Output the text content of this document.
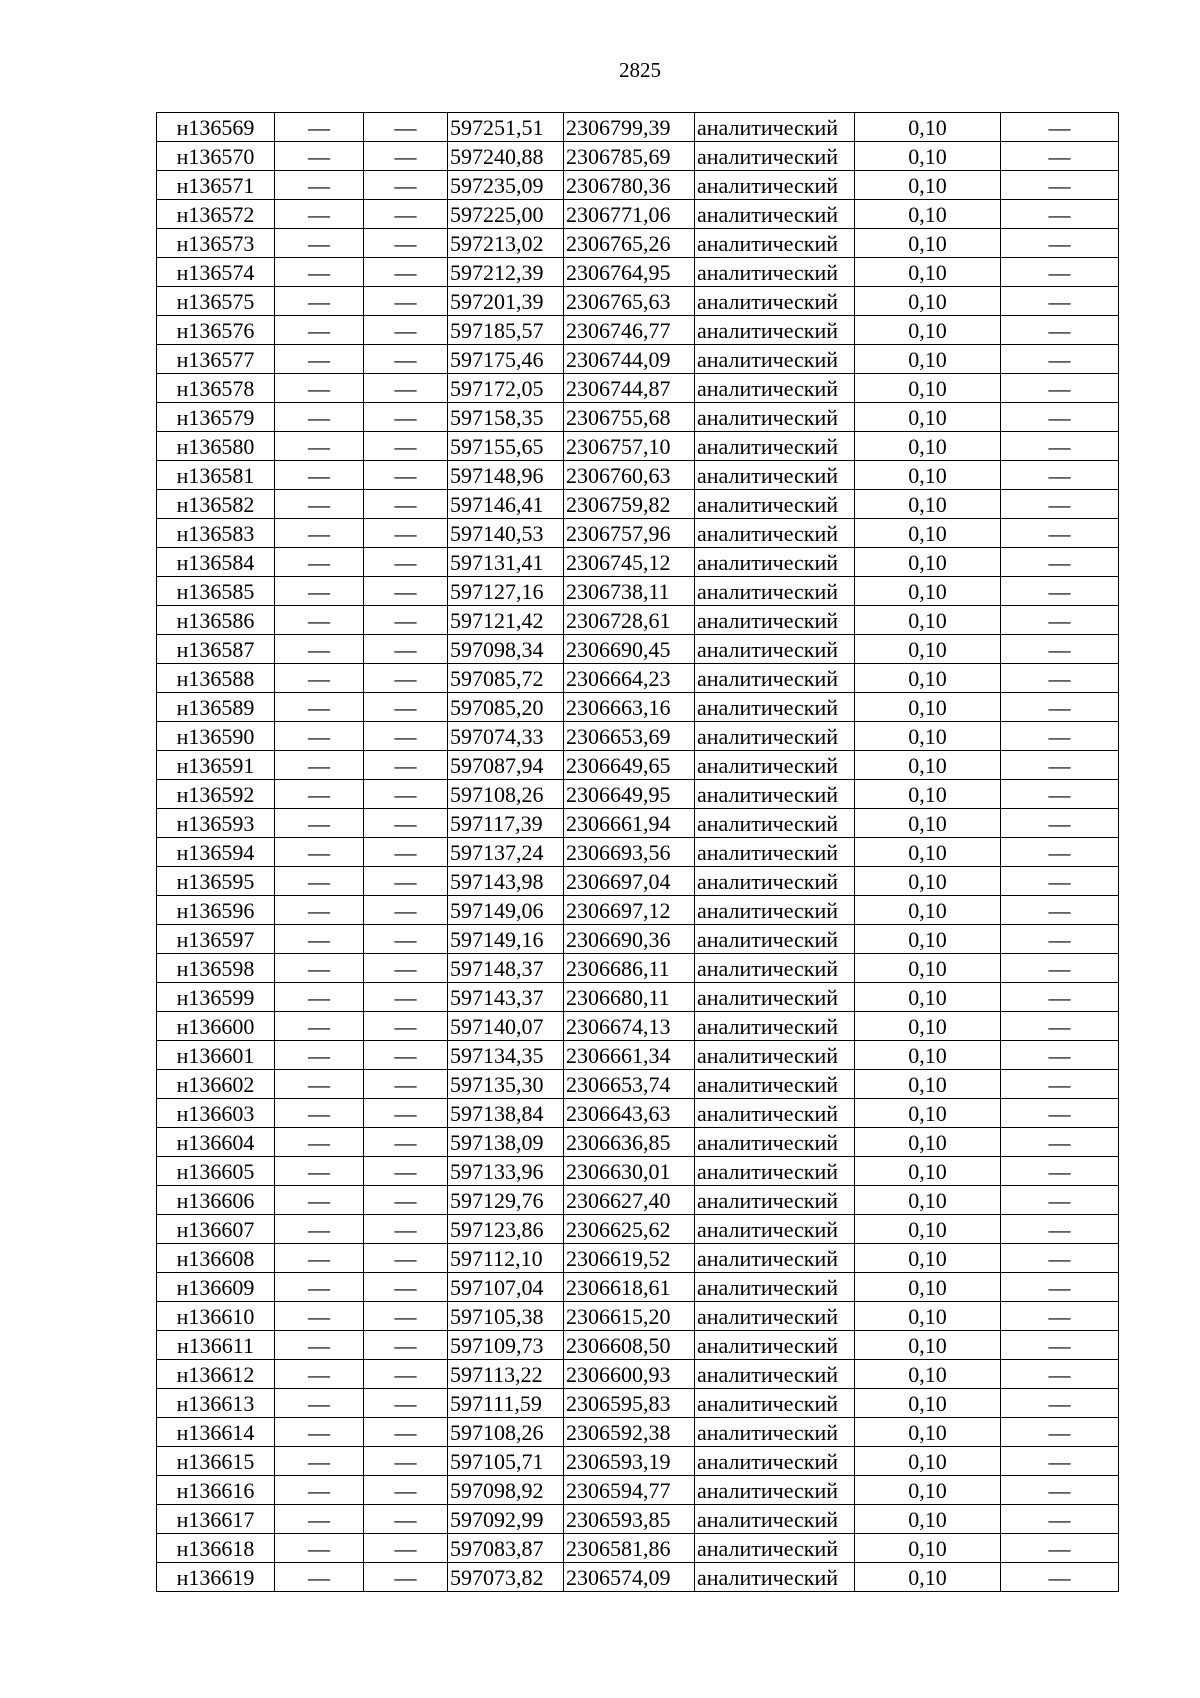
2825
н136569	—	—	597251,51	2306799,39	аналитический	0,10	—
н136570	—	—	597240,88	2306785,69	аналитический	0,10	—
н136571	—	—	597235,09	2306780,36	аналитический	0,10	—
н136572	—	—	597225,00	2306771,06	аналитический	0,10	—
н136573	—	—	597213,02	2306765,26	аналитический	0,10	—
н136574	—	—	597212,39	2306764,95	аналитический	0,10	—
н136575	—	—	597201,39	2306765,63	аналитический	0,10	—
н136576	—	—	597185,57	2306746,77	аналитический	0,10	—
н136577	—	—	597175,46	2306744,09	аналитический	0,10	—
н136578	—	—	597172,05	2306744,87	аналитический	0,10	—
н136579	—	—	597158,35	2306755,68	аналитический	0,10	—
н136580	—	—	597155,65	2306757,10	аналитический	0,10	—
н136581	—	—	597148,96	2306760,63	аналитический	0,10	—
н136582	—	—	597146,41	2306759,82	аналитический	0,10	—
н136583	—	—	597140,53	2306757,96	аналитический	0,10	—
н136584	—	—	597131,41	2306745,12	аналитический	0,10	—
н136585	—	—	597127,16	2306738,11	аналитический	0,10	—
н136586	—	—	597121,42	2306728,61	аналитический	0,10	—
н136587	—	—	597098,34	2306690,45	аналитический	0,10	—
н136588	—	—	597085,72	2306664,23	аналитический	0,10	—
н136589	—	—	597085,20	2306663,16	аналитический	0,10	—
н136590	—	—	597074,33	2306653,69	аналитический	0,10	—
н136591	—	—	597087,94	2306649,65	аналитический	0,10	—
н136592	—	—	597108,26	2306649,95	аналитический	0,10	—
н136593	—	—	597117,39	2306661,94	аналитический	0,10	—
н136594	—	—	597137,24	2306693,56	аналитический	0,10	—
н136595	—	—	597143,98	2306697,04	аналитический	0,10	—
н136596	—	—	597149,06	2306697,12	аналитический	0,10	—
н136597	—	—	597149,16	2306690,36	аналитический	0,10	—
н136598	—	—	597148,37	2306686,11	аналитический	0,10	—
н136599	—	—	597143,37	2306680,11	аналитический	0,10	—
н136600	—	—	597140,07	2306674,13	аналитический	0,10	—
н136601	—	—	597134,35	2306661,34	аналитический	0,10	—
н136602	—	—	597135,30	2306653,74	аналитический	0,10	—
н136603	—	—	597138,84	2306643,63	аналитический	0,10	—
н136604	—	—	597138,09	2306636,85	аналитический	0,10	—
н136605	—	—	597133,96	2306630,01	аналитический	0,10	—
н136606	—	—	597129,76	2306627,40	аналитический	0,10	—
н136607	—	—	597123,86	2306625,62	аналитический	0,10	—
н136608	—	—	597112,10	2306619,52	аналитический	0,10	—
н136609	—	—	597107,04	2306618,61	аналитический	0,10	—
н136610	—	—	597105,38	2306615,20	аналитический	0,10	—
н136611	—	—	597109,73	2306608,50	аналитический	0,10	—
н136612	—	—	597113,22	2306600,93	аналитический	0,10	—
н136613	—	—	597111,59	2306595,83	аналитический	0,10	—
н136614	—	—	597108,26	2306592,38	аналитический	0,10	—
н136615	—	—	597105,71	2306593,19	аналитический	0,10	—
н136616	—	—	597098,92	2306594,77	аналитический	0,10	—
н136617	—	—	597092,99	2306593,85	аналитический	0,10	—
н136618	—	—	597083,87	2306581,86	аналитический	0,10	—
н136619	—	—	597073,82	2306574,09	аналитический	0,10	—
